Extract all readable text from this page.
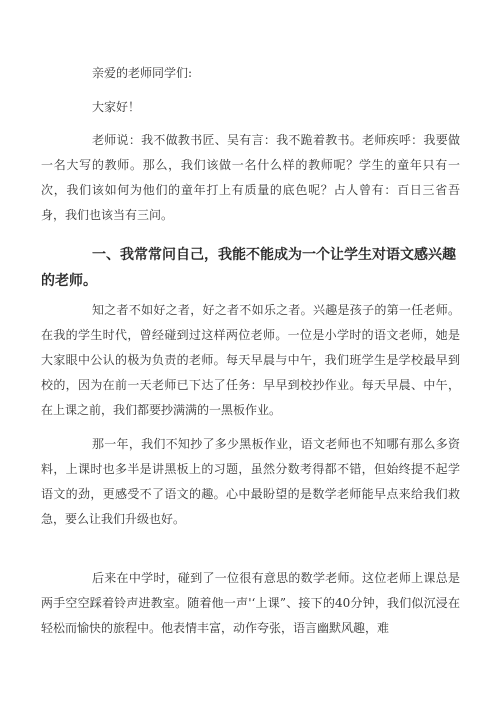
亲爱的老师同学们:
大家好！

老师说：我不做教书匠、吴有言：我不跪着教书。老师疾呼：我要做一名大写的教师。那么，我们该做一名什么样的教师呢？学生的童年只有一次，我们该如何为他们的童年打上有质量的底色呢？占人曾有：百日三省吾身，我们也该当有三问。

一、我常常问自己，我能不能成为一个让学生对语文感兴趣的老师。

知之者不如好之者，好之者不如乐之者。兴趣是孩子的第一任老师。在我的学生时代，曾经碰到过这样两位老师。一位是小学时的语文老师，她是大家眼中公认的极为负责的老师。每天早晨与中午，我们班学生是学校最早到校的，因为在前一天老师已下达了任务：早早到校抄作业。每天早晨、中午，在上课之前，我们都要抄满满的一黑板作业。

那一年，我们不知抄了多少黑板作业，语文老师也不知哪有那么多资料，上课时也多半是讲黑板上的习题，虽然分数考得都不错，但始终提不起学语文的劲，更感受不了语文的趣。心中最盼望的是数学老师能早点来给我们救急，要么让我们升级也好。

后来在中学时，碰到了一位很有意思的数学老师。这位老师上课总是两手空空踩着铃声进教室。随着他一声'‘上课”、接下的40分钟，我们似沉浸在轻松而愉快的旅程中。他表情丰富，动作夸张，语言幽默风趣，难
